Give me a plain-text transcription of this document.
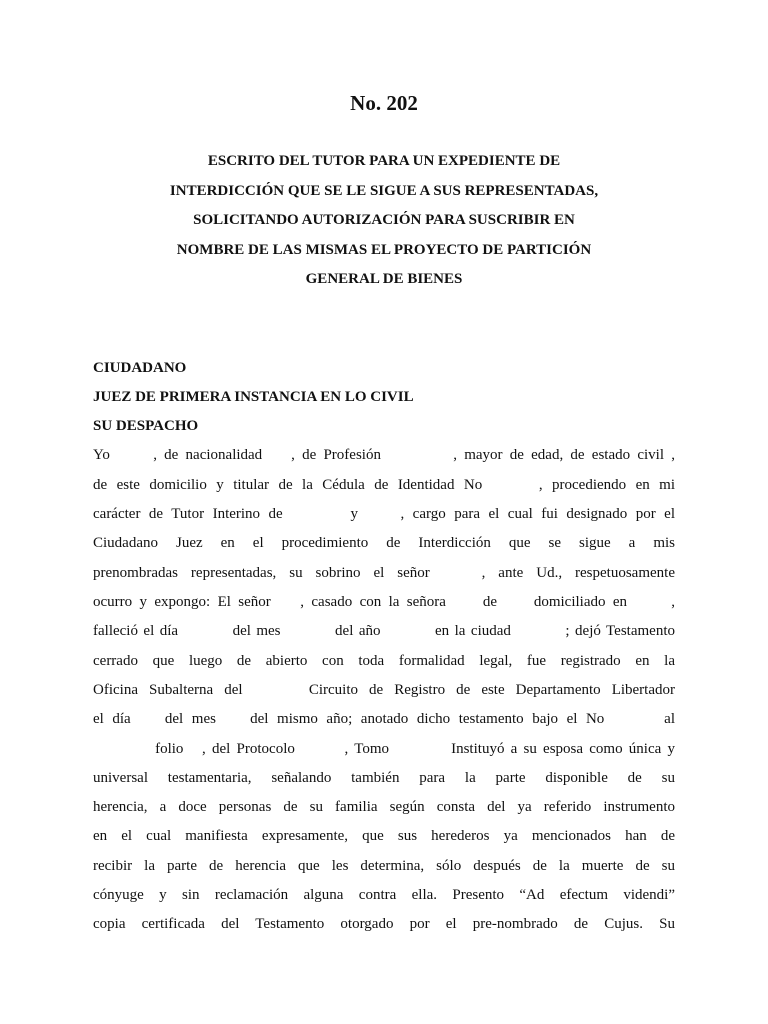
No. 202
ESCRITO DEL TUTOR PARA UN EXPEDIENTE DE
INTERDICCIÓN QUE SE LE SIGUE A SUS REPRESENTADAS,
SOLICITANDO AUTORIZACIÓN PARA SUSCRIBIR EN
NOMBRE DE LAS MISMAS EL PROYECTO DE PARTICIÓN
GENERAL DE BIENES
CIUDADANO
JUEZ DE PRIMERA INSTANCIA EN LO CIVIL
SU DESPACHO
Yo      , de nacionalidad    , de Profesión          , mayor de edad, de estado civil ,
de este domicilio y titular de la Cédula de Identidad No      , procediendo en mi
carácter de Tutor Interino de        y     , cargo para el cual fui designado por el
Ciudadano Juez en el procedimiento de Interdicción que se sigue a mis
prenombradas representadas, su sobrino el señor    , ante Ud., respetuosamente
ocurro y expongo: El señor    , casado con la señora     de     domiciliado en      ,
falleció el día          del mes          del año          en la ciudad          ; dejó Testamento
cerrado que luego de abierto con toda formalidad legal, fue registrado en la
Oficina Subalterna del      Circuito de Registro de este Departamento Libertador
el día    del mes    del mismo año; anotado dicho testamento bajo el No       al
folio   , del Protocolo        , Tomo          Instituyó a su esposa como única y
universal testamentaria, señalando también para la parte disponible de su
herencia, a doce personas de su familia según consta del ya referido instrumento
en el cual manifiesta expresamente, que sus herederos ya mencionados han de
recibir la parte de herencia que les determina, sólo después de la muerte de su
cónyuge y sin reclamación alguna contra ella. Presento “Ad efectum videndi”
copia certificada del Testamento otorgado por el pre-nombrado de Cujus. Su
